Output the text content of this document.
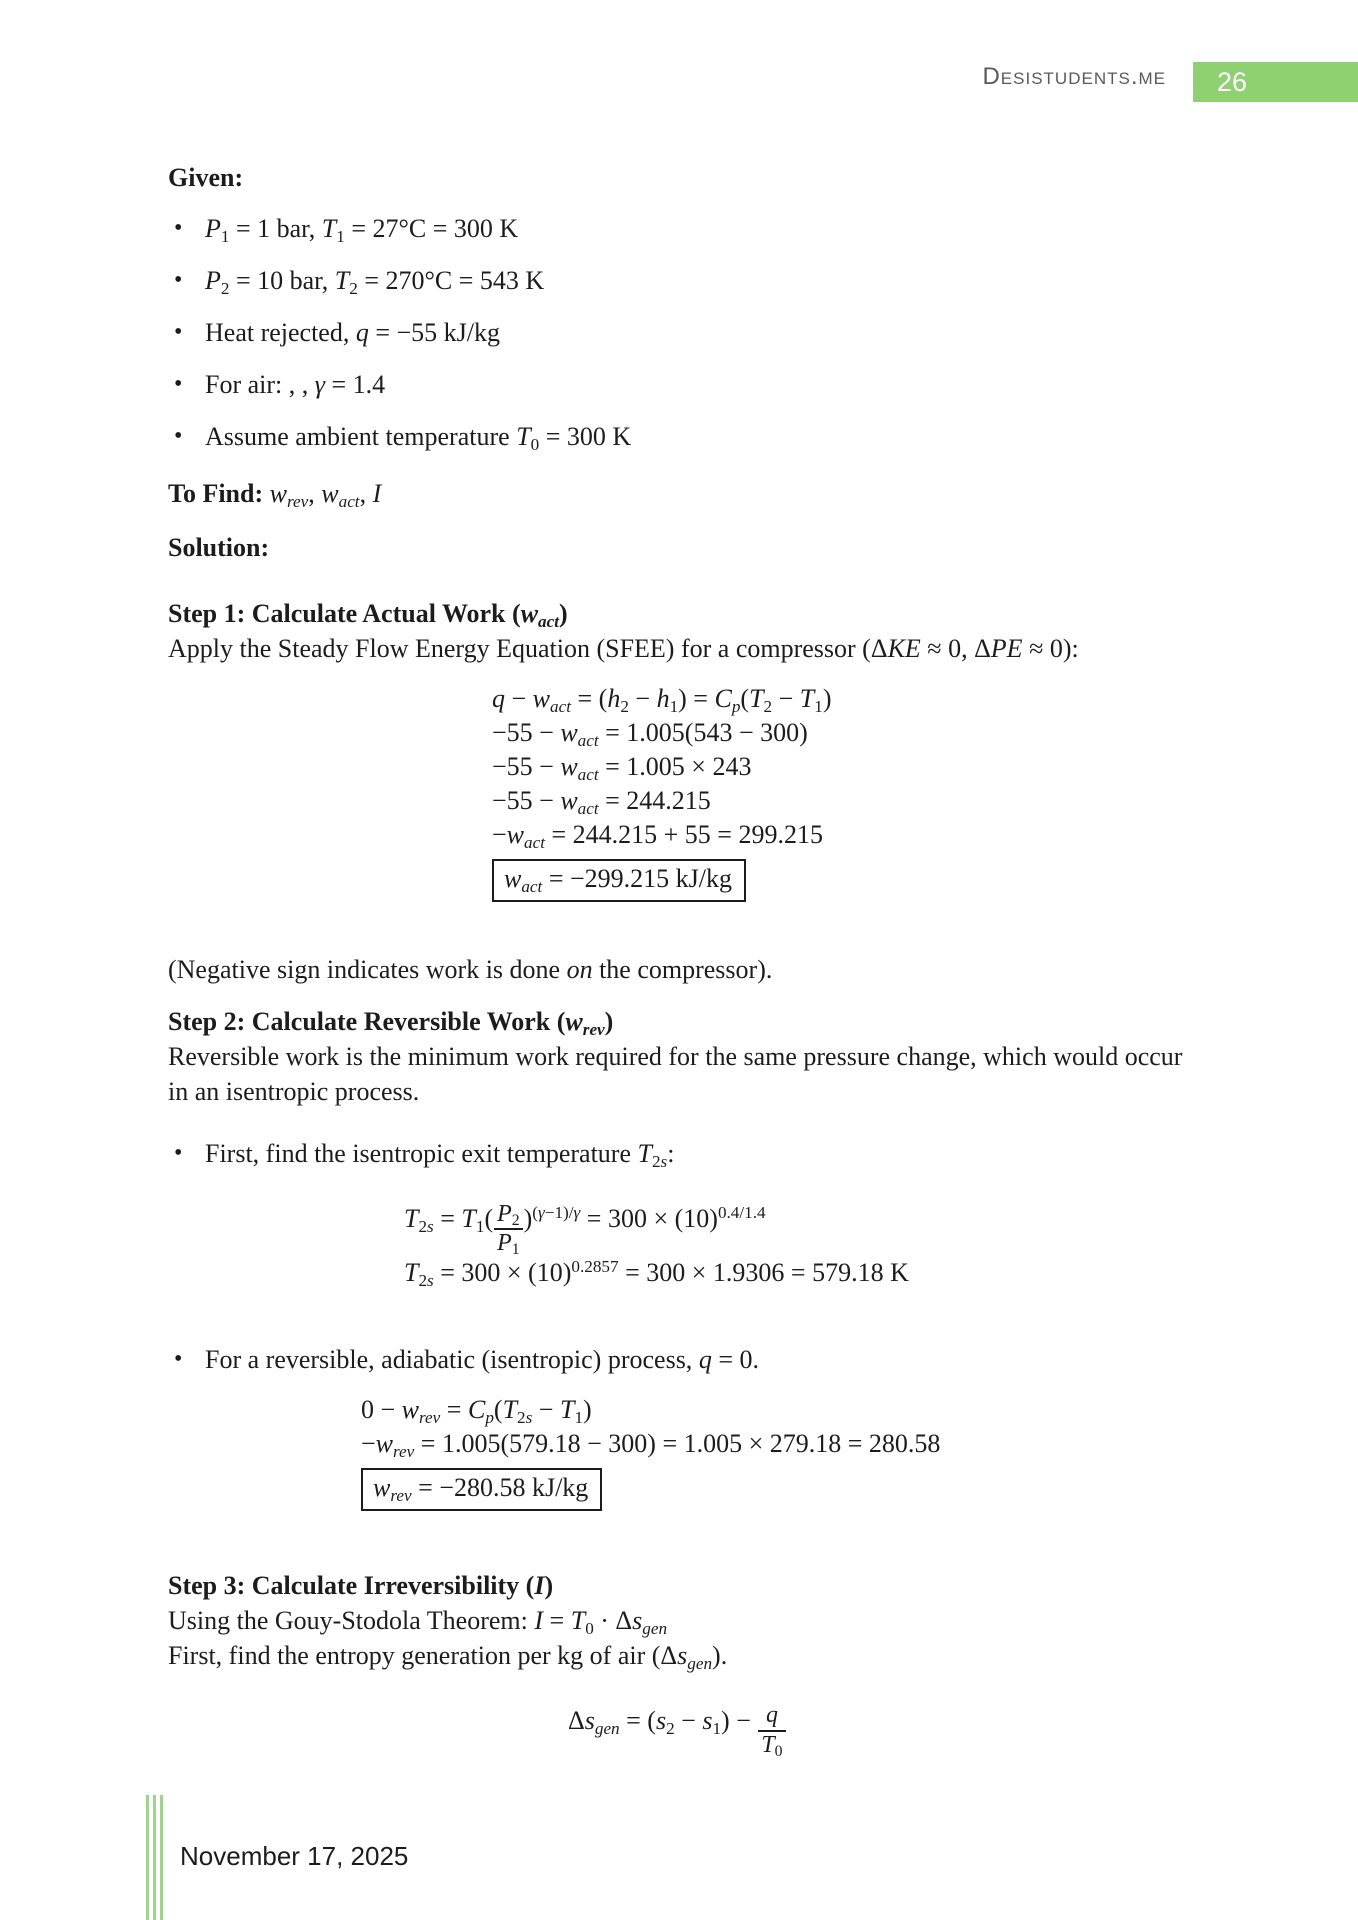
Desistudents.me	26
Given:
• $P_1 = 1$ bar, $T_1 = 27^\circ C = 300$ K
• $P_2 = 10$ bar, $T_2 = 270^\circ C = 543$ K
• Heat rejected, q = −55 kJ/kg
• For air: , , γ = 1.4
• Assume ambient temperature $T_0 = 300$ K
To Find: $w_{rev}$, $w_{act}$, I
Solution:
Step 1: Calculate Actual Work $(w_{act})$
Apply the Steady Flow Energy Equation (SFEE) for a compressor (ΔKE ≈ 0, ΔPE ≈ 0):
$q - w_{act} = (h_2 - h_1) = C_p(T_2 - T_1)$
$-55 - w_{act} = 1.005(543 - 300)$
$-55 - w_{act} = 1.005 \times 243$
$-55 - w_{act} = 244.215$
$-w_{act} = 244.215 + 55 = 299.215$
$w_{act} = -299.215$ kJ/kg
(Negative sign indicates work is done on the compressor).
Step 2: Calculate Reversible Work $(w_{rev})$
Reversible work is the minimum work required for the same pressure change, which would occur in an isentropic process.
• First, find the isentropic exit temperature $T_{2s}$:
$T_{2s} = T_1( \frac{P_2}{P_1} )^{(\gamma-1)/\gamma} = 300 \times (10)^{0.4/1.4}$
$T_{2s} = 300 \times (10)^{0.2857} = 300 \times 1.9306 = 579.18$ K
• For a reversible, adiabatic (isentropic) process, q = 0.
$0 - w_{rev} = C_p(T_{2s} - T_1)$
$-w_{rev} = 1.005(579.18 - 300) = 1.005 \times 279.18 = 280.58$
$w_{rev} = -280.58$ kJ/kg
Step 3: Calculate Irreversibility (I)
Using the Gouy-Stodola Theorem: $I = T_0 \cdot \Delta s_{gen}$
First, find the entropy generation per kg of air $(\Delta s_{gen})$.
$\Delta s_{gen} = (s_2 - s_1) - \frac{q}{T_0}$
November 17, 2025
